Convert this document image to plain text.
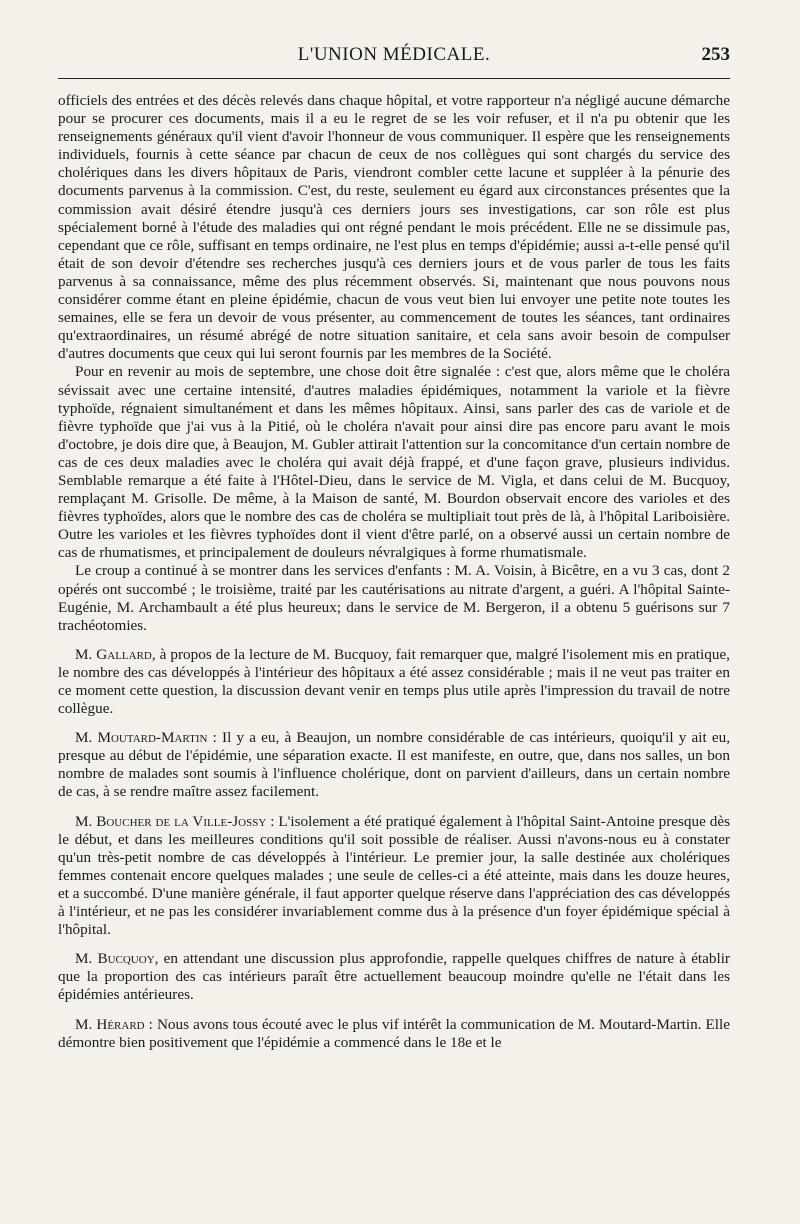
L'UNION MÉDICALE.	253

officiels des entrées et des décès relevés dans chaque hôpital, et votre rapporteur n'a négligé aucune démarche pour se procurer ces documents, mais il a eu le regret de se les voir refuser, et il n'a pu obtenir que les renseignements généraux qu'il vient d'avoir l'honneur de vous communiquer. Il espère que les renseignements individuels, fournis à cette séance par chacun de ceux de nos collègues qui sont chargés du service des cholériques dans les divers hôpitaux de Paris, viendront combler cette lacune et suppléer à la pénurie des documents parvenus à la commission. C'est, du reste, seulement eu égard aux circonstances présentes que la commission avait désiré étendre jusqu'à ces derniers jours ses investigations, car son rôle est plus spécialement borné à l'étude des maladies qui ont régné pendant le mois précédent. Elle ne se dissimule pas, cependant que ce rôle, suffisant en temps ordinaire, ne l'est plus en temps d'épidémie; aussi a-t-elle pensé qu'il était de son devoir d'étendre ses recherches jusqu'à ces derniers jours et de vous parler de tous les faits parvenus à sa connaissance, même des plus récemment observés. Si, maintenant que nous pouvons nous considérer comme étant en pleine épidémie, chacun de vous veut bien lui envoyer une petite note toutes les semaines, elle se fera un devoir de vous présenter, au commencement de toutes les séances, tant ordinaires qu'extraordinaires, un résumé abrégé de notre situation sanitaire, et cela sans avoir besoin de compulser d'autres documents que ceux qui lui seront fournis par les membres de la Société.

Pour en revenir au mois de septembre, une chose doit être signalée : c'est que, alors même que le choléra sévissait avec une certaine intensité, d'autres maladies épidémiques, notamment la variole et la fièvre typhoïde, régnaient simultanément et dans les mêmes hôpitaux. Ainsi, sans parler des cas de variole et de fièvre typhoïde que j'ai vus à la Pitié, où le choléra n'avait pour ainsi dire pas encore paru avant le mois d'octobre, je dois dire que, à Beaujon, M. Gubler attirait l'attention sur la concomitance d'un certain nombre de cas de ces deux maladies avec le choléra qui avait déjà frappé, et d'une façon grave, plusieurs individus. Semblable remarque a été faite à l'Hôtel-Dieu, dans le service de M. Vigla, et dans celui de M. Bucquoy, remplaçant M. Grisolle. De même, à la Maison de santé, M. Bourdon observait encore des varioles et des fièvres typhoïdes, alors que le nombre des cas de choléra se multipliait tout près de là, à l'hôpital Lariboisière. Outre les varioles et les fièvres typhoïdes dont il vient d'être parlé, on a observé aussi un certain nombre de cas de rhumatismes, et principalement de douleurs névralgiques à forme rhumatismale.

Le croup a continué à se montrer dans les services d'enfants : M. A. Voisin, à Bicêtre, en a vu 3 cas, dont 2 opérés ont succombé ; le troisième, traité par les cautérisations au nitrate d'argent, a guéri. A l'hôpital Sainte-Eugénie, M. Archambault a été plus heureux; dans le service de M. Bergeron, il a obtenu 5 guérisons sur 7 trachéotomies.

M. Gallard, à propos de la lecture de M. Bucquoy, fait remarquer que, malgré l'isolement mis en pratique, le nombre des cas développés à l'intérieur des hôpitaux a été assez considérable ; mais il ne veut pas traiter en ce moment cette question, la discussion devant venir en temps plus utile après l'impression du travail de notre collègue.

M. Moutard-Martin : Il y a eu, à Beaujon, un nombre considérable de cas intérieurs, quoiqu'il y ait eu, presque au début de l'épidémie, une séparation exacte. Il est manifeste, en outre, que, dans nos salles, un bon nombre de malades sont soumis à l'influence cholérique, dont on parvient d'ailleurs, dans un certain nombre de cas, à se rendre maître assez facilement.

M. Boucher de la Ville-Jossy : L'isolement a été pratiqué également à l'hôpital Saint-Antoine presque dès le début, et dans les meilleures conditions qu'il soit possible de réaliser. Aussi n'avons-nous eu à constater qu'un très-petit nombre de cas développés à l'intérieur. Le premier jour, la salle destinée aux cholériques femmes contenait encore quelques malades ; une seule de celles-ci a été atteinte, mais dans les douze heures, et a succombé. D'une manière générale, il faut apporter quelque réserve dans l'appréciation des cas développés à l'intérieur, et ne pas les considérer invariablement comme dus à la présence d'un foyer épidémique spécial à l'hôpital.

M. Bucquoy, en attendant une discussion plus approfondie, rappelle quelques chiffres de nature à établir que la proportion des cas intérieurs paraît être actuellement beaucoup moindre qu'elle ne l'était dans les épidémies antérieures.

M. Hérard : Nous avons tous écouté avec le plus vif intérêt la communication de M. Moutard-Martin. Elle démontre bien positivement que l'épidémie a commencé dans le 18e et le
